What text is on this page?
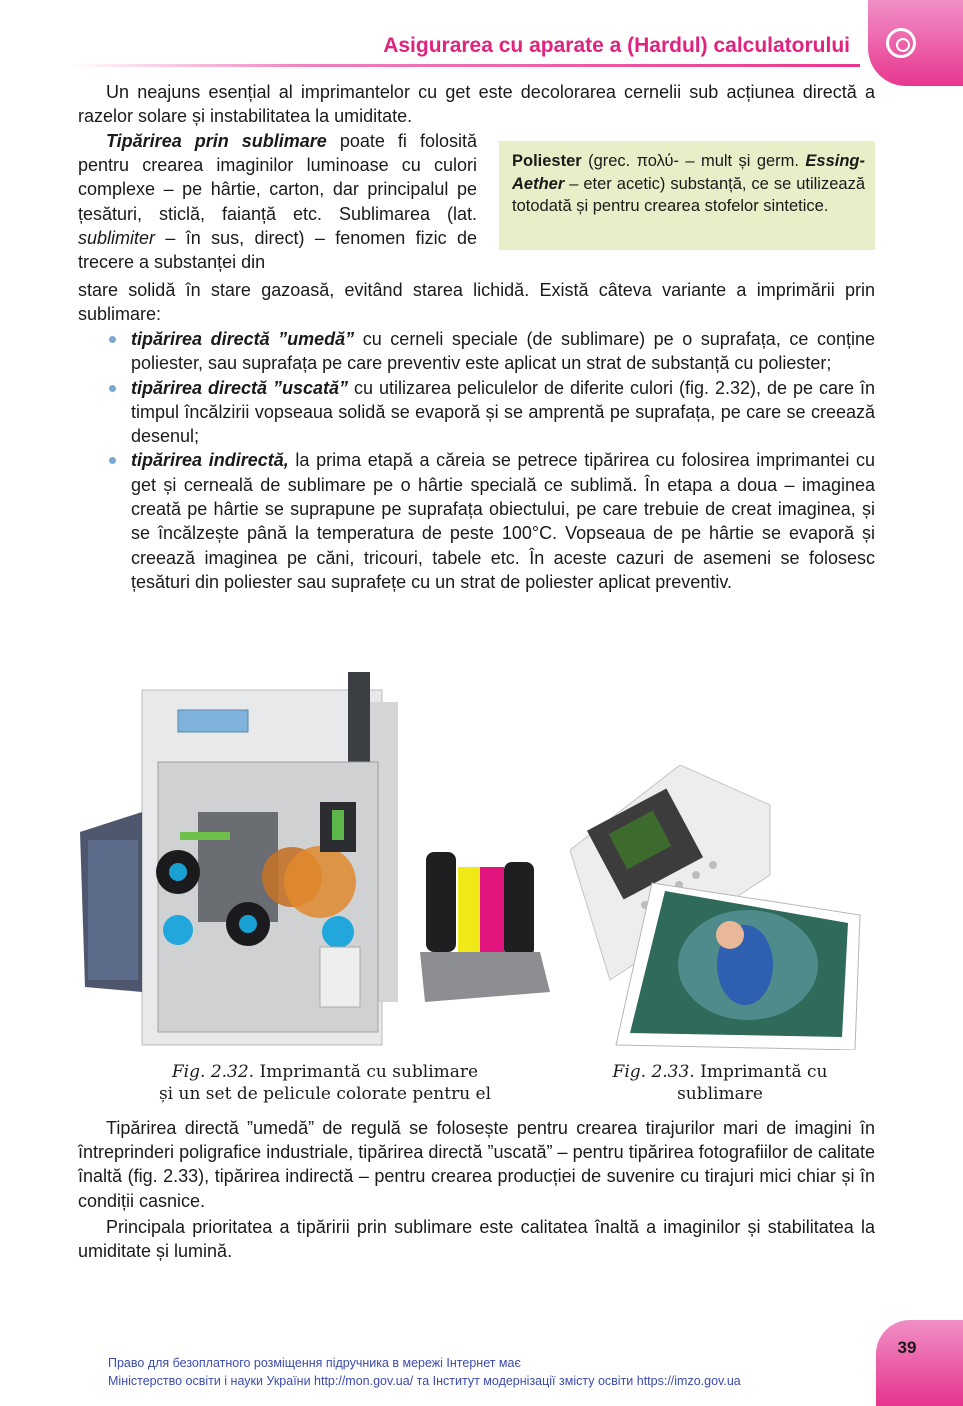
Asigurarea cu aparate a (Hardul) calculatorului

Un neajuns esențial al imprimantelor cu get este decolorarea cernelii sub acțiunea directă a razelor solare și instabilitatea la umiditate.

Tipărirea prin sublimare poate fi folosită pentru crearea imaginilor luminoase cu culori complexe – pe hârtie, carton, dar principalul pe țesături, sticlă, faianță etc. Sublimarea (lat. sublimiter – în sus, direct) – fenomen fizic de trecere a substanței din

Poliester (grec. πολύ- – mult și germ. Essing-Aether – eter acetic) substanță, ce se utilizează totodată și pentru crearea stofelor sintetice.

stare solidă în stare gazoasă, evitând starea lichidă. Există câteva variante a imprimării prin sublimare:

tipărirea directă ”umedă” cu cerneli speciale (de sublimare) pe o suprafața, ce conține poliester, sau suprafața pe care preventiv este aplicat un strat de substanță cu poliester;
tipărirea directă ”uscată” cu utilizarea peliculelor de diferite culori (fig. 2.32), de pe care în timpul încălzirii vopseaua solidă se evaporă și se amprentă pe suprafața, pe care se creează desenul;
tipărirea indirectă, la prima etapă a căreia se petrece tipărirea cu folosirea imprimantei cu get și cerneală de sublimare pe o hârtie specială ce sublimă. În etapa a doua – imaginea creată pe hârtie se suprapune pe suprafața obiectului, pe care trebuie de creat imaginea, și se încălzește până la temperatura de peste 100°C. Vopseaua de pe hârtie se evaporă și creează imaginea pe căni, tricouri, tabele etc. În aceste cazuri de asemeni se folosesc țesături din poliester sau suprafețe cu un strat de poliester aplicat preventiv.
Fig. 2.32. Imprimantă cu sublimare
și un set de pelicule colorate pentru el
Fig. 2.33. Imprimantă cu
sublimare

Tipărirea directă ”umedă” de regulă se folosește pentru crearea tirajurilor mari de imagini în întreprinderi poligrafice industriale, tipărirea directă ”uscată” – pentru tipărirea fotografiilor de calitate înaltă (fig. 2.33), tipărirea indirectă – pentru crearea producției de suvenire cu tirajuri mici chiar și în condiții casnice.

Principala prioritatea a tipăririi prin sublimare este calitatea înaltă a imaginilor și stabilitatea la umiditate și lumină.

39
Право для безоплатного розміщення підручника в мережі Інтернет має
Міністерство освіти і науки України http://mon.gov.ua/ та Інститут модернізації змісту освіти https://imzo.gov.ua
